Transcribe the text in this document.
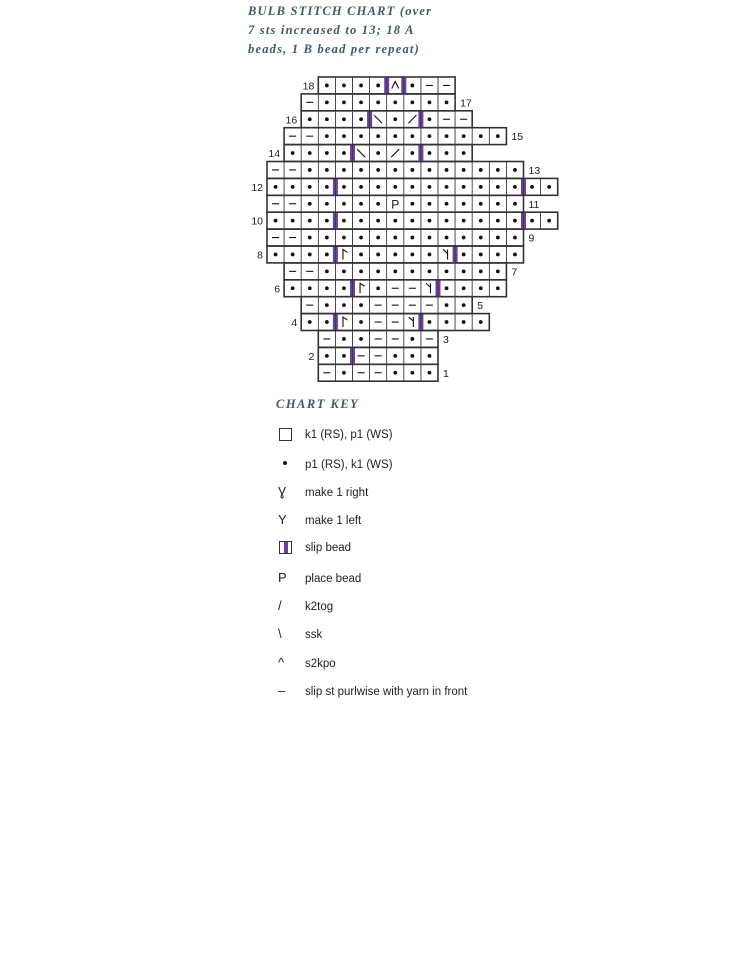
BULB STITCH CHART (over
7 sts increased to 13; 18 A
beads, 1 B bead per repeat)
1
2
3
4
5
6
7
8
9
10
P	11
12
13
14
15
16
17
18
CHART KEY
k1 (RS), p1 (WS)
p1 (RS), k1 (WS)
Ɣ make 1 right
Y make 1 left
slip bead
P place bead
/ k2tog
\ ssk
^ s2kpo
– slip st purlwise with yarn in front
